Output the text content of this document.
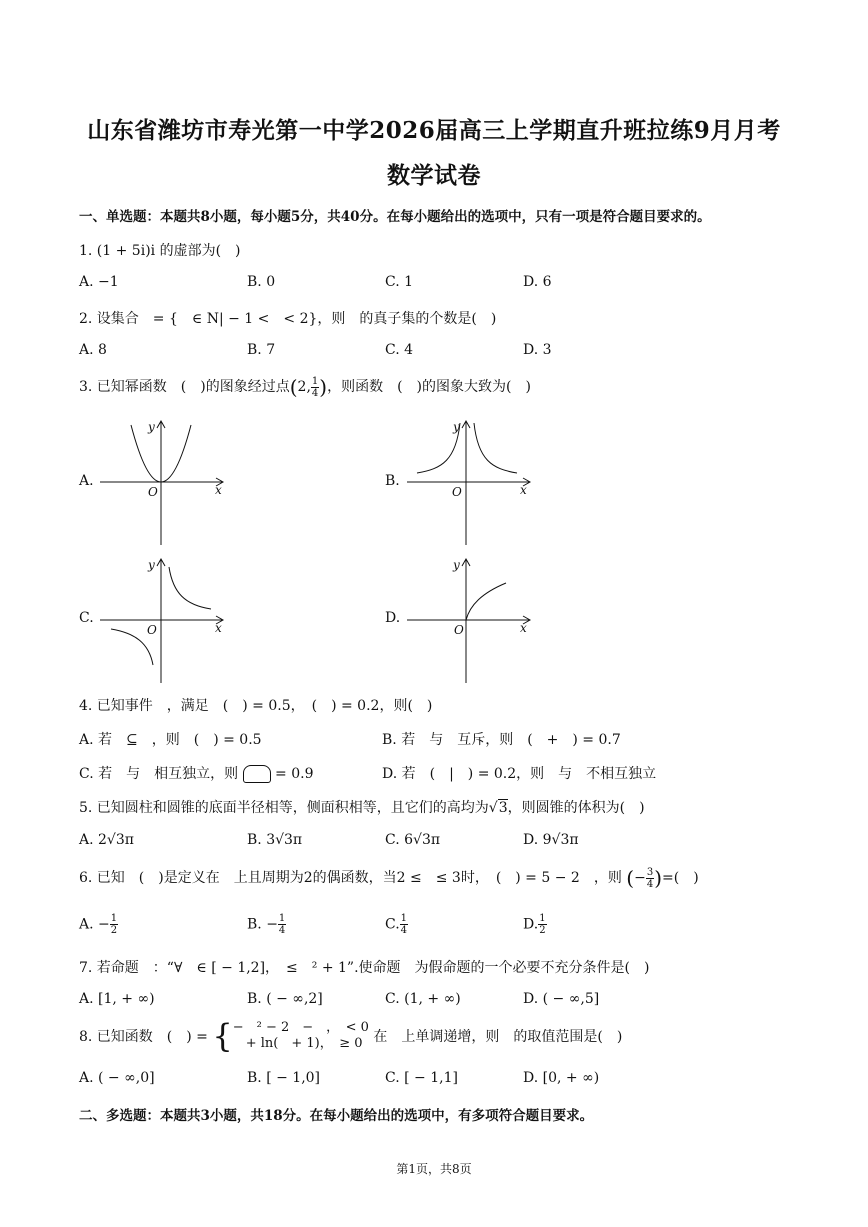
山东省潍坊市寿光第一中学2026届高三上学期直升班拉练9月月考
数学试卷
一、单选题：本题共8小题，每小题5分，共40分。在每小题给出的选项中，只有一项是符合题目要求的。
1. (1 + 5i)i 的虚部为(　)
A. −1	B. 0	C. 1	D. 6
2. 设集合　= {　∈ N| − 1 <　< 2}，则　的真子集的个数是(　)
A. 8	B. 7	C. 4	D. 3
3. 已知幂函数　(　)的图象经过点(2, $\frac{1}{4}$ )，则函数　(　)的图象大致为(　)
A.	B.
C.	D.
x
y
O	x
y
O
x
y
O	x
y
O
4. 已知事件　，满足　(　) = 0.5，　(　) = 0.2，则(　)
A. 若　⊆　，则　(　) = 0.5	B. 若　与　互斥，则　(　+　) = 0.7
C. 若　与　相互独立，则	= 0.9	D. 若　(　|　) = 0.2，则　与　不相互独立
5. 已知圆柱和圆锥的底面半径相等，侧面积相等，且它们的高均为√3，则圆锥的体积为(　)
A. 2√3π	B. 3√3π	C. 6√3π	D. 9√3π
6. 已知　(　)是定义在　上且周期为2的偶函数，当2 ≤　≤ 3时，　(　) = 5 − 2　，则 (− $\frac{3}{4}$ )=(　)
A. − $\frac{1}{2}$	B. − $\frac{1}{4}$	C. $\frac{1}{4}$	D. $\frac{1}{2}$
7. 若命题　：“∀　∈ [ − 1,2]，　≤　² + 1”.使命题　为假命题的一个必要不充分条件是(　)
A. [1, + ∞)	B. ( − ∞,2]	C. (1, + ∞)	D. ( − ∞,5]
8. 已知函数　(　) = { −　² − 2　−　，　< 0
　+ ln(　+ 1)，　≥ 0 在　上单调递增，则　的取值范围是(　)
A. ( − ∞,0]	B. [ − 1,0]	C. [ − 1,1]	D. [0, + ∞)
二、多选题：本题共3小题，共18分。在每小题给出的选项中，有多项符合题目要求。
第1页，共8页
